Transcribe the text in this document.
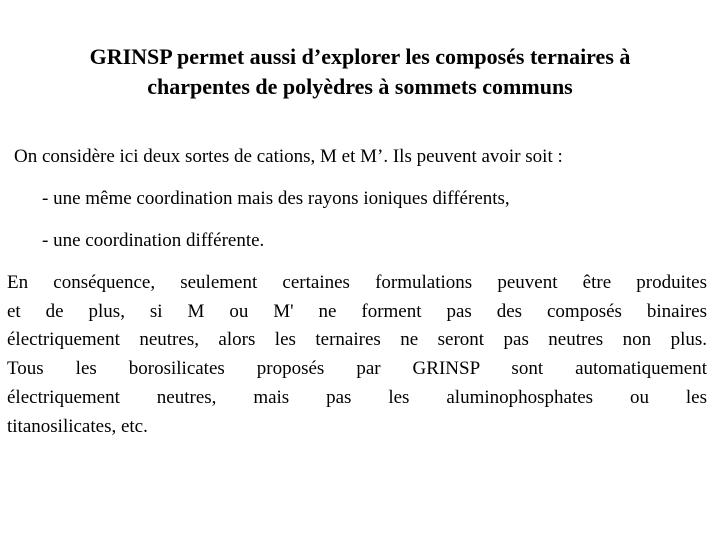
GRINSP permet aussi d’explorer les composés ternaires à
charpentes de polyèdres à sommets communs
On considère ici deux sortes de cations, M et M’. Ils peuvent avoir soit :
- une même coordination mais des rayons ioniques différents,
- une coordination différente.
En conséquence, seulement certaines formulations peuvent être produites
et de plus, si M ou M' ne forment pas des composés binaires
électriquement neutres, alors les ternaires ne seront pas neutres non plus.
Tous les borosilicates proposés par GRINSP sont automatiquement
électriquement neutres, mais pas les aluminophosphates ou les
titanosilicates, etc.
